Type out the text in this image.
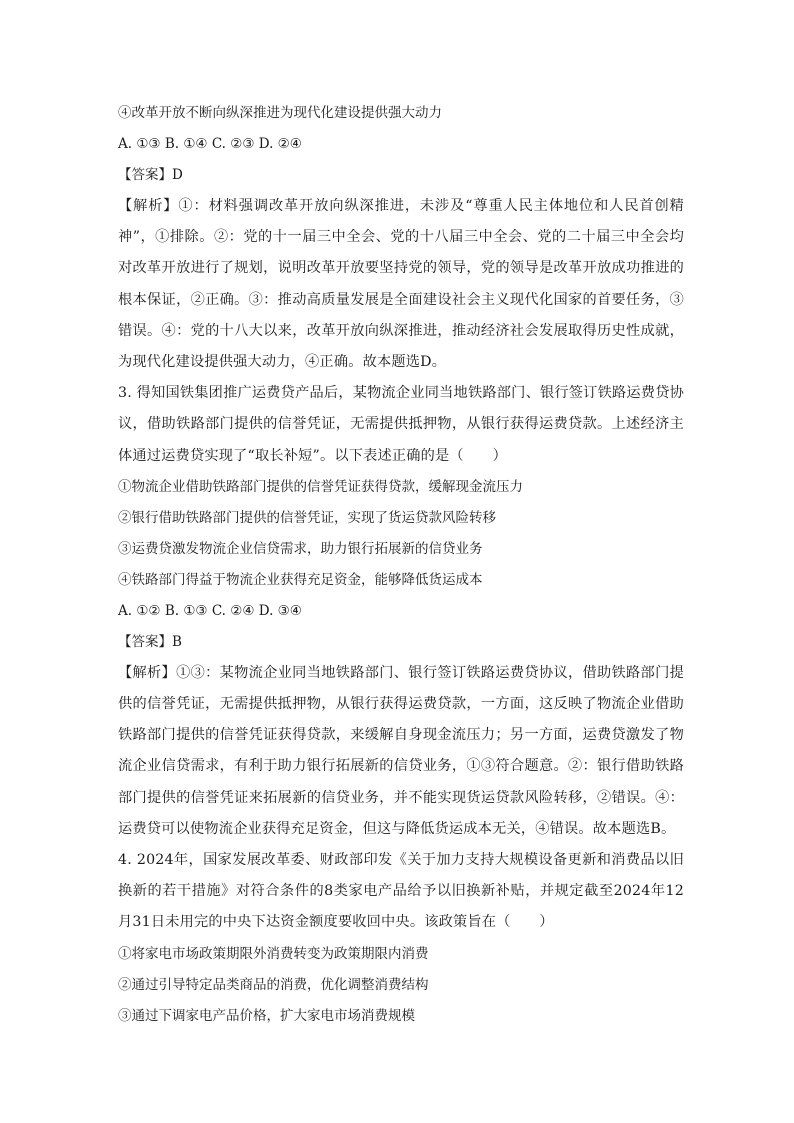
④改革开放不断向纵深推进为现代化建设提供强大动力
A. ①③ B. ①④ C. ②③ D. ②④
【答案】D
【解析】①：材料强调改革开放向纵深推进，未涉及“尊重人民主体地位和人民首创精神”，①排除。②：党的十一届三中全会、党的十八届三中全会、党的二十届三中全会均对改革开放进行了规划，说明改革开放要坚持党的领导，党的领导是改革开放成功推进的根本保证，②正确。③：推动高质量发展是全面建设社会主义现代化国家的首要任务，③错误。④：党的十八大以来，改革开放向纵深推进，推动经济社会发展取得历史性成就，为现代化建设提供强大动力，④正确。故本题选D。
3. 得知国铁集团推广运费贷产品后，某物流企业同当地铁路部门、银行签订铁路运费贷协议，借助铁路部门提供的信誉凭证，无需提供抵押物，从银行获得运费贷款。上述经济主体通过运费贷实现了“取长补短”。以下表述正确的是（　　）
①物流企业借助铁路部门提供的信誉凭证获得贷款，缓解现金流压力
②银行借助铁路部门提供的信誉凭证，实现了货运贷款风险转移
③运费贷激发物流企业信贷需求，助力银行拓展新的信贷业务
④铁路部门得益于物流企业获得充足资金，能够降低货运成本
A. ①② B. ①③ C. ②④ D. ③④
【答案】B
【解析】①③：某物流企业同当地铁路部门、银行签订铁路运费贷协议，借助铁路部门提供的信誉凭证，无需提供抵押物，从银行获得运费贷款，一方面，这反映了物流企业借助铁路部门提供的信誉凭证获得贷款，来缓解自身现金流压力；另一方面，运费贷激发了物流企业信贷需求，有利于助力银行拓展新的信贷业务，①③符合题意。②：银行借助铁路部门提供的信誉凭证来拓展新的信贷业务，并不能实现货运贷款风险转移，②错误。④：运费贷可以使物流企业获得充足资金，但这与降低货运成本无关，④错误。故本题选B。
4. 2024年，国家发展改革委、财政部印发《关于加力支持大规模设备更新和消费品以旧换新的若干措施》对符合条件的8类家电产品给予以旧换新补贴，并规定截至2024年12月31日未用完的中央下达资金额度要收回中央。该政策旨在（　　）
①将家电市场政策期限外消费转变为政策期限内消费
②通过引导特定品类商品的消费，优化调整消费结构
③通过下调家电产品价格，扩大家电市场消费规模
